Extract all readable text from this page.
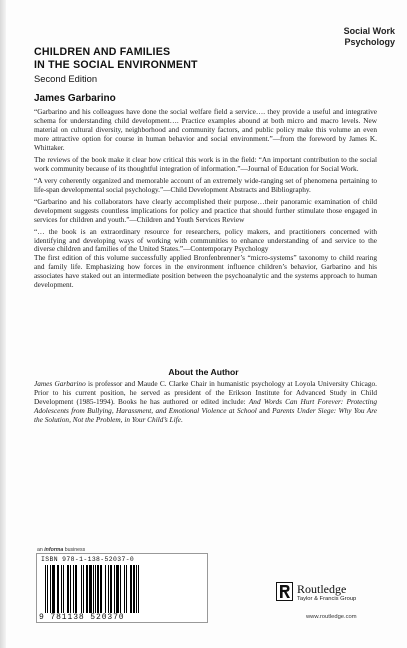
Social Work
Psychology
CHILDREN AND FAMILIES
IN THE SOCIAL ENVIRONMENT
Second Edition
James Garbarino

“Garbarino and his colleagues have done the social welfare field a service…. they provide a useful and integrative schema for understanding child development…. Practice examples abound at both micro and macro levels. New material on cultural diversity, neighborhood and community factors, and public policy make this volume an even more attractive option for course in human behavior and social environment.”—from the foreword by James K. Whittaker.

The reviews of the book make it clear how critical this work is in the field: “An important contribution to the social work community because of its thoughtful integration of information.”—Journal of Education for Social Work.

“A very coherently organized and memorable account of an extremely wide-ranging set of phenomena pertaining to life-span developmental social psychology.”—Child Development Abstracts and Bibliography.

“Garbarino and his collaborators have clearly accomplished their purpose…their panoramic examination of child development suggests countless implications for policy and practice that should further stimulate those engaged in services for children and youth.”—Children and Youth Services Review

“… the book is an extraordinary resource for researchers, policy makers, and practitioners concerned with identifying and developing ways of working with communities to enhance understanding of and service to the diverse children and families of the United States.”—Contemporary Psychology

The first edition of this volume successfully applied Bronfenbrenner’s “micro-systems” taxonomy to child rearing and family life. Emphasizing how forces in the environment influence children’s behavior, Garbarino and his associates have staked out an intermediate position between the psychoanalytic and the systems approach to human development.

About the Author
James Garbarino is professor and Maude C. Clarke Chair in humanistic psychology at Loyola University Chicago. Prior to his current position, he served as president of the Erikson Institute for Advanced Study in Child Development (1985-1994). Books he has authored or edited include: And Words Can Hurt Forever: Protecting Adolescents from Bullying, Harassment, and Emotional Violence at School and Parents Under Siege: Why You Are the Solution, Not the Problem, in Your Child’s Life.
an informa business
ISBN 978-1-138-52037-0
9 781138 520370
Routledge
Taylor & Francis Group
www.routledge.com
